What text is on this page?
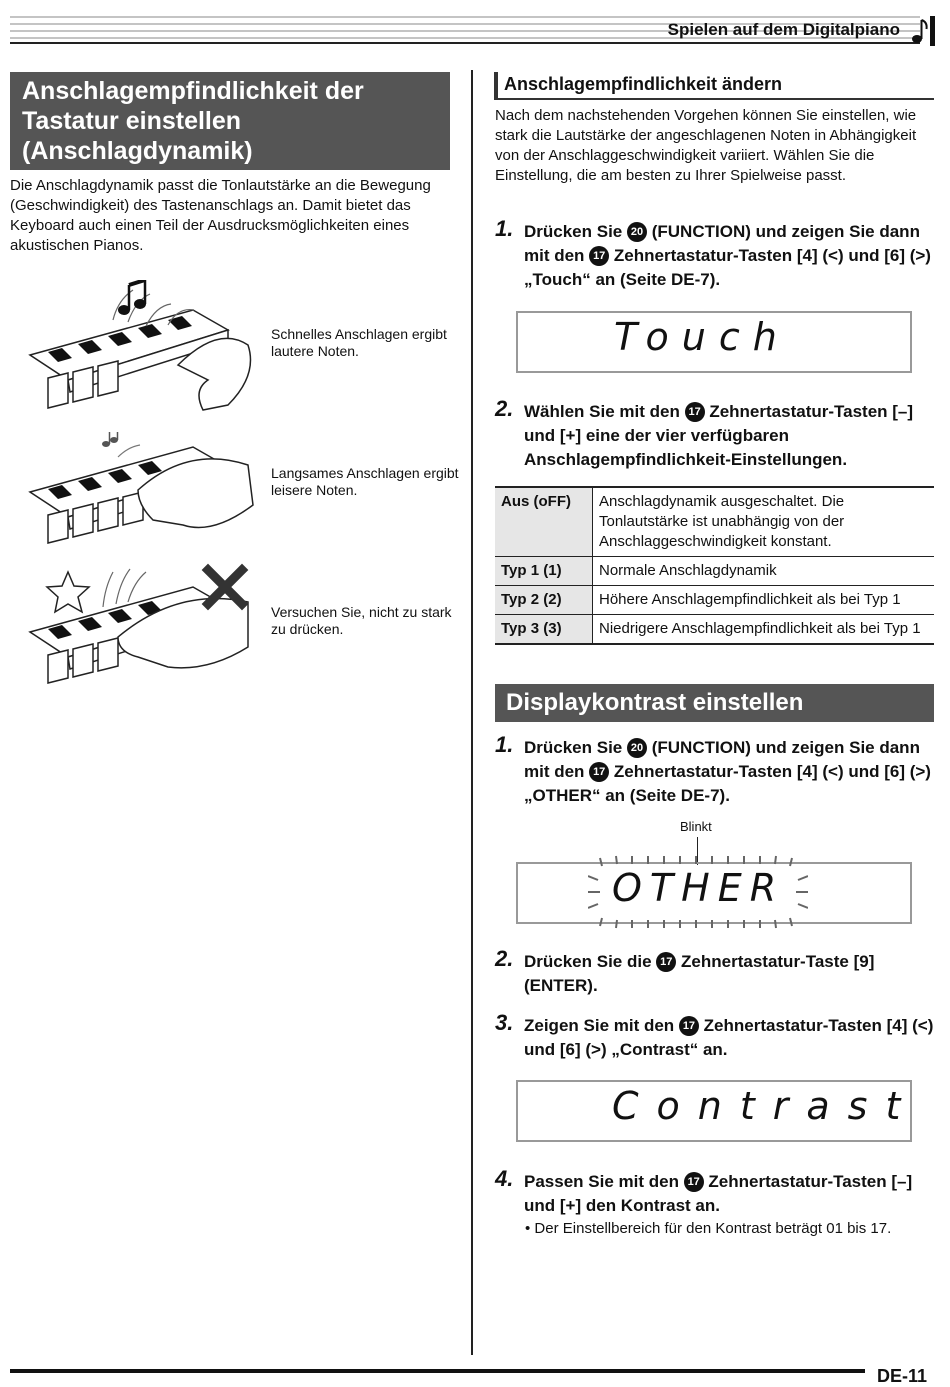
Spielen auf dem Digitalpiano
Anschlagempfindlichkeit der Tastatur einstellen (Anschlagdynamik)
Die Anschlagdynamik passt die Tonlautstärke an die Bewegung (Geschwindigkeit) des Tastenanschlags an. Damit bietet das Keyboard auch einen Teil der Ausdrucksmöglichkeiten eines akustischen Pianos.
Schnelles Anschlagen ergibt lautere Noten.
Langsames Anschlagen ergibt leisere Noten.
Versuchen Sie, nicht zu stark zu drücken.
Anschlagempfindlichkeit ändern
Nach dem nachstehenden Vorgehen können Sie einstellen, wie stark die Lautstärke der angeschlagenen Noten in Abhängigkeit von der Anschlaggeschwindigkeit variiert. Wählen Sie die Einstellung, die am besten zu Ihrer Spielweise passt.
1. Drücken Sie 20 (FUNCTION) und zeigen Sie dann mit den 17 Zehnertastatur-Tasten [4] (<) und [6] (>) „Touch“ an (Seite DE-7).
Touch
2. Wählen Sie mit den 17 Zehnertastatur-Tasten [–] und [+] eine der vier verfügbaren Anschlagempfindlichkeit-Einstellungen.
Aus (oFF)	Anschlagdynamik ausgeschaltet. Die Tonlautstärke ist unabhängig von der Anschlaggeschwindigkeit konstant.
Typ 1 (1)	Normale Anschlagdynamik
Typ 2 (2)	Höhere Anschlagempfindlichkeit als bei Typ 1
Typ 3 (3)	Niedrigere Anschlagempfindlichkeit als bei Typ 1
Displaykontrast einstellen
1. Drücken Sie 20 (FUNCTION) und zeigen Sie dann mit den 17 Zehnertastatur-Tasten [4] (<) und [6] (>) „OTHER“ an (Seite DE-7).
Blinkt
OTHER
2. Drücken Sie die 17 Zehnertastatur-Taste [9] (ENTER).
3. Zeigen Sie mit den 17 Zehnertastatur-Tasten [4] (<) und [6] (>) „Contrast“ an.
Contrast
4. Passen Sie mit den 17 Zehnertastatur-Tasten [–] und [+] den Kontrast an.
• Der Einstellbereich für den Kontrast beträgt 01 bis 17.
DE-11
